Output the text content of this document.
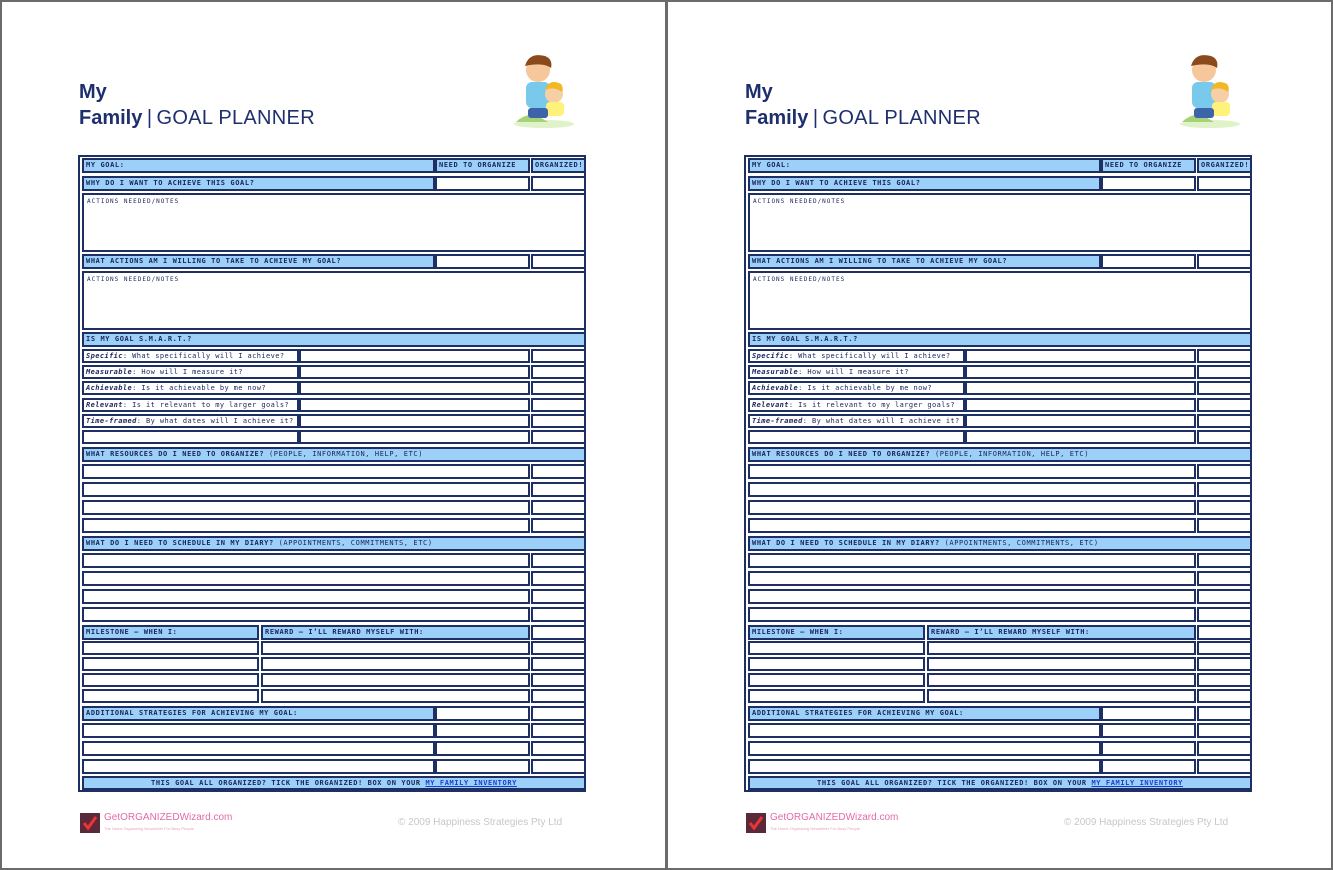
My
Family | GOAL PLANNER
MY GOAL:	NEED TO ORGANIZE	ORGANIZED!
WHY DO I WANT TO ACHIEVE THIS GOAL?
ACTIONS NEEDED/NOTES
WHAT ACTIONS AM I WILLING TO TAKE TO ACHIEVE MY GOAL?
ACTIONS NEEDED/NOTES
IS MY GOAL S.M.A.R.T.?
Specific: What specifically will I achieve?
Measurable: How will I measure it?
Achievable: Is it achievable by me now?
Relevant: Is it relevant to my larger goals?
Time-framed: By what dates will I achieve it?
WHAT RESOURCES DO I NEED TO ORGANIZE? (PEOPLE, INFORMATION, HELP, ETC)
WHAT DO I NEED TO SCHEDULE IN MY DIARY? (APPOINTMENTS, COMMITMENTS, ETC)
MILESTONE – WHEN I:	REWARD – I’LL REWARD MYSELF WITH:
ADDITIONAL STRATEGIES FOR ACHIEVING MY GOAL:
THIS GOAL ALL ORGANIZED? TICK THE ORGANIZED! BOX ON YOUR MY FAMILY INVENTORY
GetORGANIZEDWizard.com
The Home Organizing Newsletter For Busy People
© 2009 Happiness Strategies Pty Ltd
My
Family | GOAL PLANNER
MY GOAL:	NEED TO ORGANIZE	ORGANIZED!
WHY DO I WANT TO ACHIEVE THIS GOAL?
ACTIONS NEEDED/NOTES
WHAT ACTIONS AM I WILLING TO TAKE TO ACHIEVE MY GOAL?
ACTIONS NEEDED/NOTES
IS MY GOAL S.M.A.R.T.?
Specific: What specifically will I achieve?
Measurable: How will I measure it?
Achievable: Is it achievable by me now?
Relevant: Is it relevant to my larger goals?
Time-framed: By what dates will I achieve it?
WHAT RESOURCES DO I NEED TO ORGANIZE? (PEOPLE, INFORMATION, HELP, ETC)
WHAT DO I NEED TO SCHEDULE IN MY DIARY? (APPOINTMENTS, COMMITMENTS, ETC)
MILESTONE – WHEN I:	REWARD – I’LL REWARD MYSELF WITH:
ADDITIONAL STRATEGIES FOR ACHIEVING MY GOAL:
THIS GOAL ALL ORGANIZED? TICK THE ORGANIZED! BOX ON YOUR MY FAMILY INVENTORY
GetORGANIZEDWizard.com
The Home Organizing Newsletter For Busy People
© 2009 Happiness Strategies Pty Ltd
